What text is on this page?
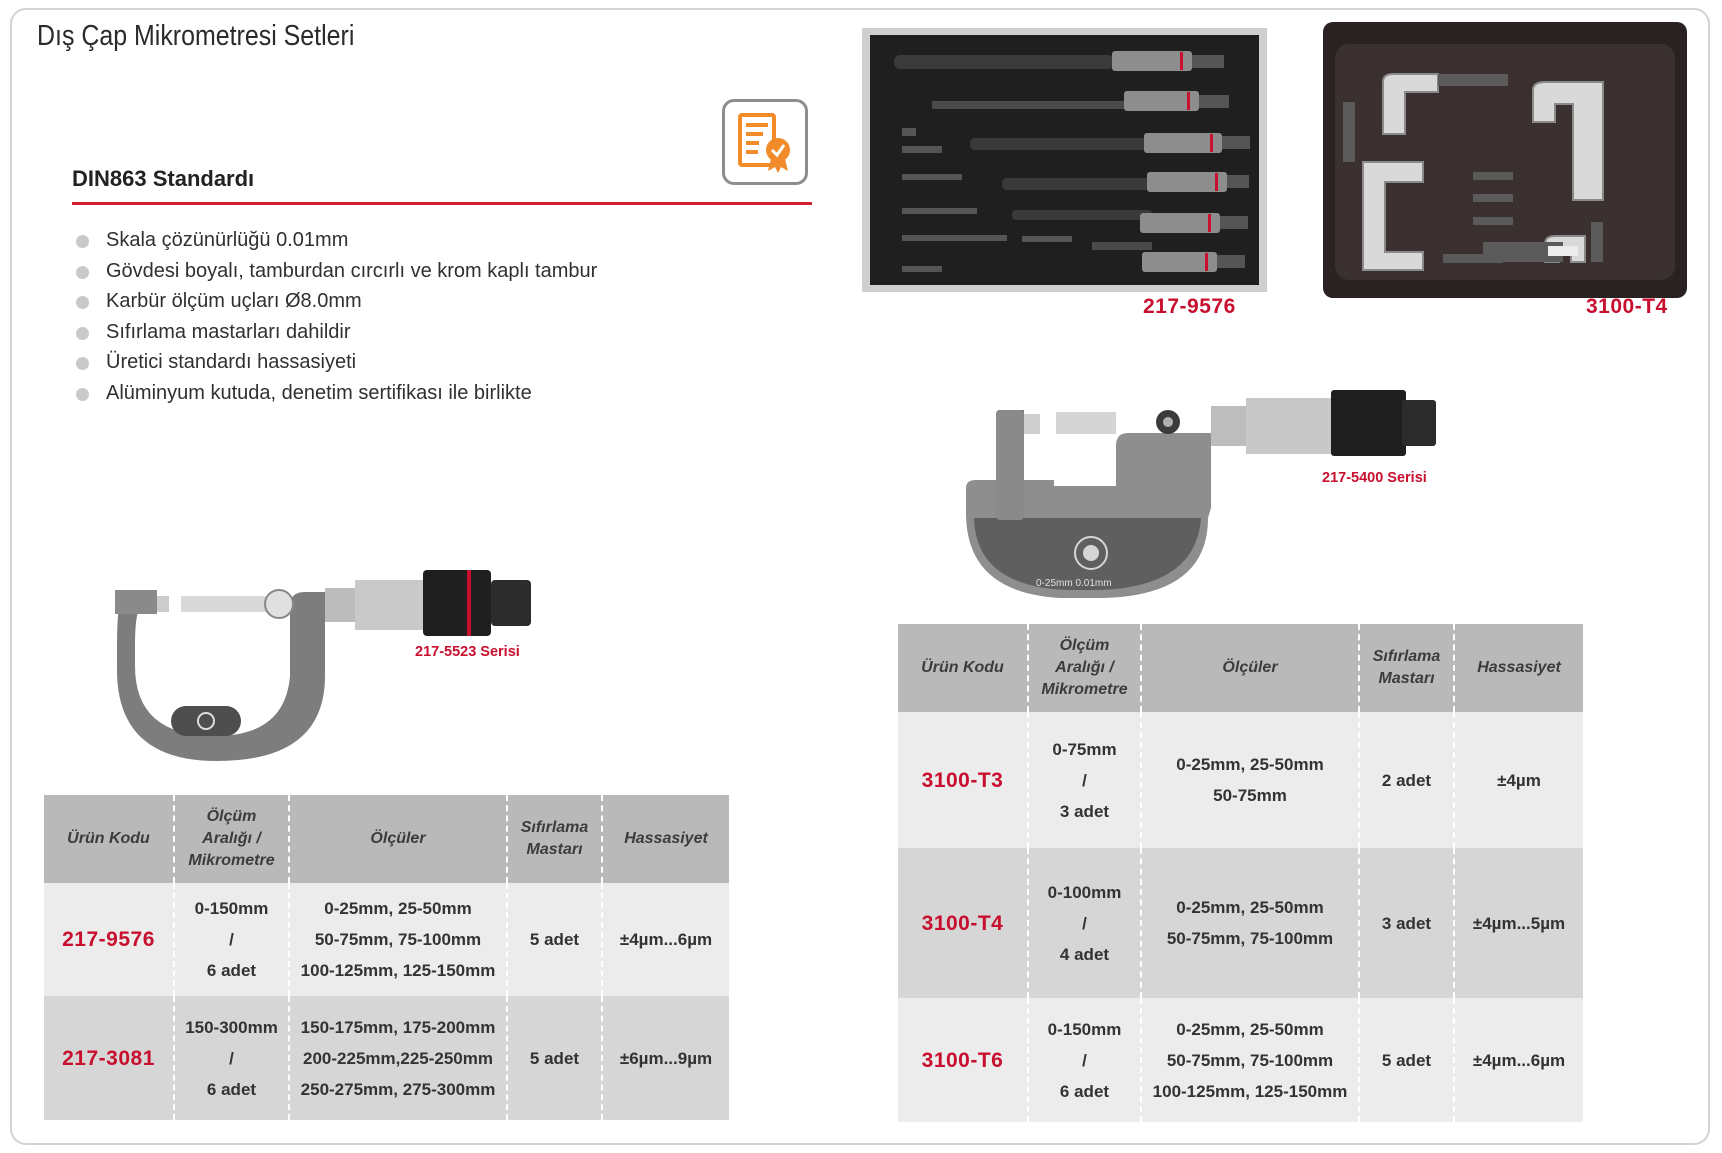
Dış Çap Mikrometresi Setleri
DIN863 Standardı
Skala çözünürlüğü 0.01mm
Gövdesi boyalı, tamburdan cırcırlı ve krom kaplı tambur
Karbür ölçüm uçları Ø8.0mm
Sıfırlama mastarları dahildir
Üretici standardı hassasiyeti
Alüminyum kutuda, denetim sertifikası ile birlikte
217-9576	3100-T4
0-25mm 0.01mm
217-5400 Serisi
217-5523 Serisi
Ürün Kodu	Ölçüm
Aralığı /
Mikrometre	Ölçüler	Sıfırlama
Mastarı	Hassasiyet
217-9576	0-150mm
/
6 adet	0-25mm, 25-50mm
50-75mm, 75-100mm
100-125mm, 125-150mm	5 adet	±4µm...6µm
217-3081	150-300mm
/
6 adet	150-175mm, 175-200mm
200-225mm,225-250mm
250-275mm, 275-300mm	5 adet	±6µm...9µm
Ürün Kodu	Ölçüm
Aralığı /
Mikrometre	Ölçüler	Sıfırlama
Mastarı	Hassasiyet
3100-T3	0-75mm
/
3 adet	0-25mm, 25-50mm
50-75mm	2 adet	±4µm
3100-T4	0-100mm
/
4 adet	0-25mm, 25-50mm
50-75mm, 75-100mm	3 adet	±4µm...5µm
3100-T6	0-150mm
/
6 adet	0-25mm, 25-50mm
50-75mm, 75-100mm
100-125mm, 125-150mm	5 adet	±4µm...6µm
